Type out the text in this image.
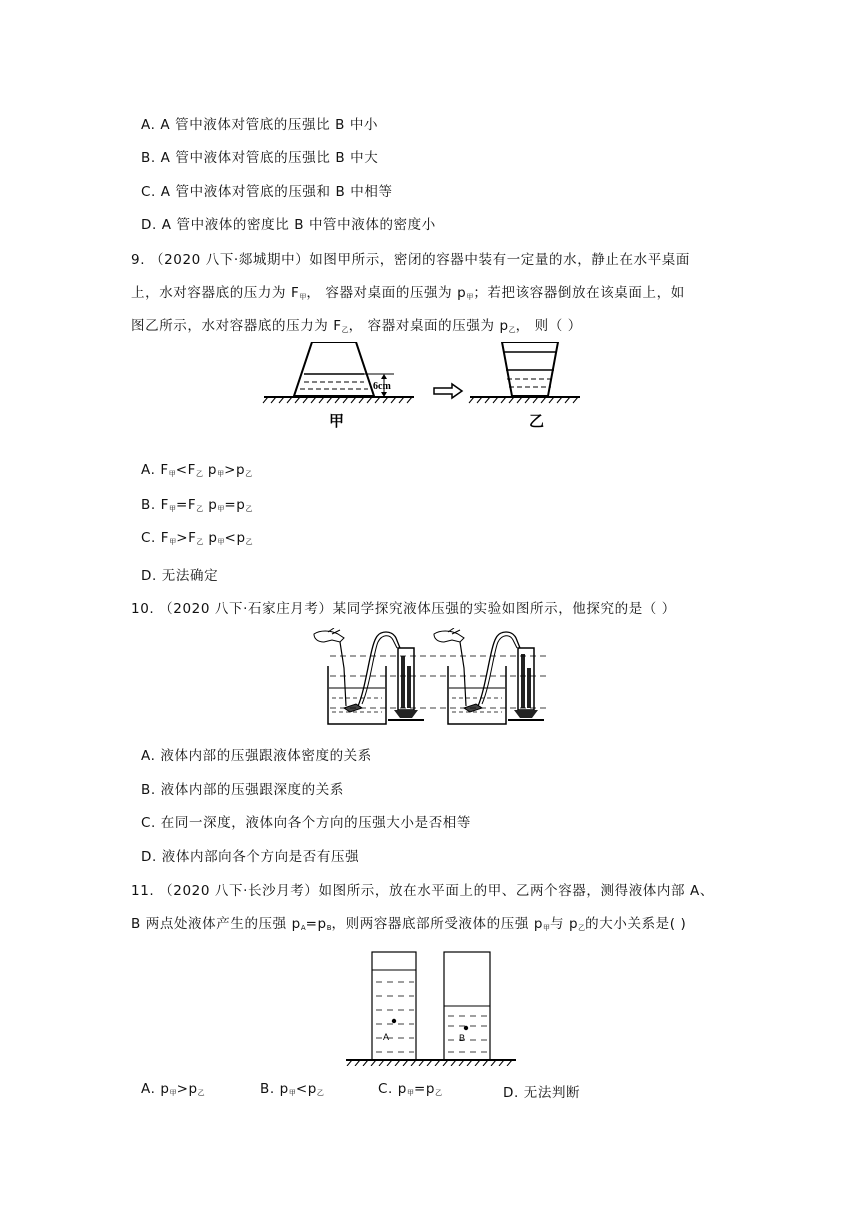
A. A 管中液体对管底的压强比 B 中小
B. A 管中液体对管底的压强比 B 中大
C. A 管中液体对管底的压强和 B 中相等
D. A 管中液体的密度比 B 中管中液体的密度小
9. （2020 八下·郯城期中）如图甲所示，密闭的容器中装有一定量的水，静止在水平桌面
上，水对容器底的压力为 $F_甲$， 容器对桌面的压强为 $p_甲$；若把该容器倒放在该桌面上，如
图乙所示，水对容器底的压力为 $F_乙$， 容器对桌面的压强为 $p_乙$， 则（ ）
6cm
甲	乙
A. $F_甲<F_乙$ $p_甲>p_乙$
B. $F_甲=F_乙$ $p_甲=p_乙$
C. $F_甲>F_乙$ $p_甲<p_乙$
D. 无法确定
10. （2020 八下·石家庄月考）某同学探究液体压强的实验如图所示，他探究的是（ ）
A. 液体内部的压强跟液体密度的关系
B. 液体内部的压强跟深度的关系
C. 在同一深度，液体向各个方向的压强大小是否相等
D. 液体内部向各个方向是否有压强
11. （2020 八下·长沙月考）如图所示，放在水平面上的甲、乙两个容器，测得液体内部 A、
B 两点处液体产生的压强 $p_A=p_B$，则两容器底部所受液体的压强 $p_甲$与 $p_乙$的大小关系是( )
A	B
A. $p_甲>p_乙$	B. $p_甲<p_乙$	C. $p_甲=p_乙$	D. 无法判断
